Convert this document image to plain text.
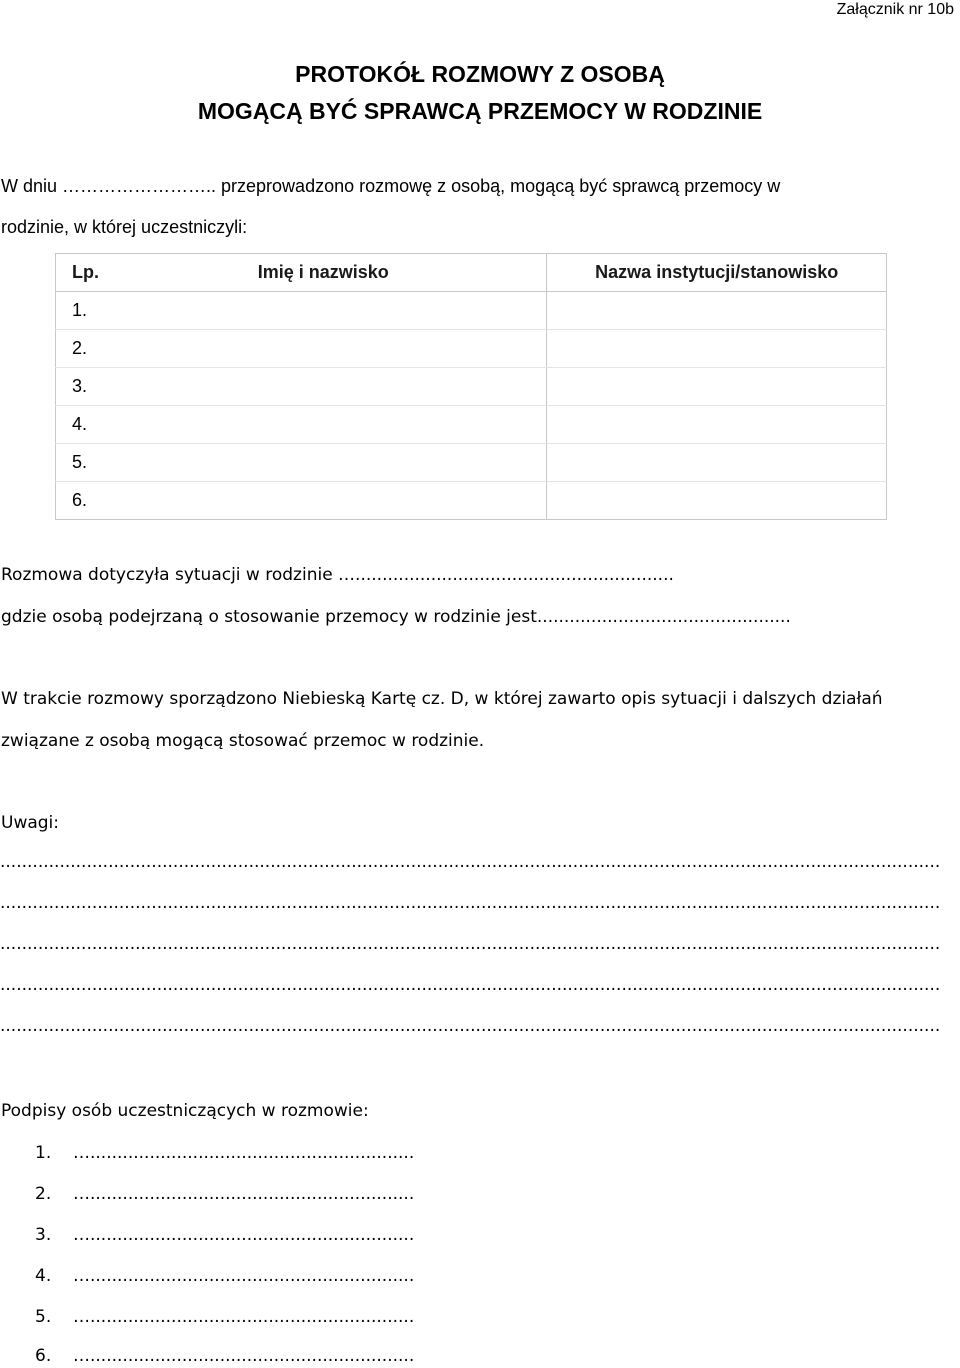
Załącznik nr 10b
PROTOKÓŁ ROZMOWY Z OSOBĄ
MOGĄCĄ BYĆ SPRAWCĄ PRZEMOCY W RODZINIE
W dniu …………………….. przeprowadzono rozmowę z osobą, mogącą być sprawcą przemocy w
rodzinie, w której uczestniczyli:
Lp.	Imię i nazwisko	Nazwa instytucji/stanowisko
1.		
2.		
3.		
4.		
5.		
6.		
Rozmowa dotyczyła sytuacji w rodzinie …...........................................................
gdzie osobą podejrzaną o stosowanie przemocy w rodzinie jest...............................................
W trakcie rozmowy sporządzono Niebieską Kartę cz. D, w której zawarto opis sytuacji i dalszych działań
związane z osobą mogącą stosować przemoc w rodzinie.
Uwagi:
..............................................................................................................................................................................
..............................................................................................................................................................................
..............................................................................................................................................................................
..............................................................................................................................................................................
..............................................................................................................................................................................
Podpisy osób uczestniczących w rozmowie:
1. …............................................................
2. …............................................................
3. …............................................................
4. …............................................................
5. …............................................................
6. …............................................................
